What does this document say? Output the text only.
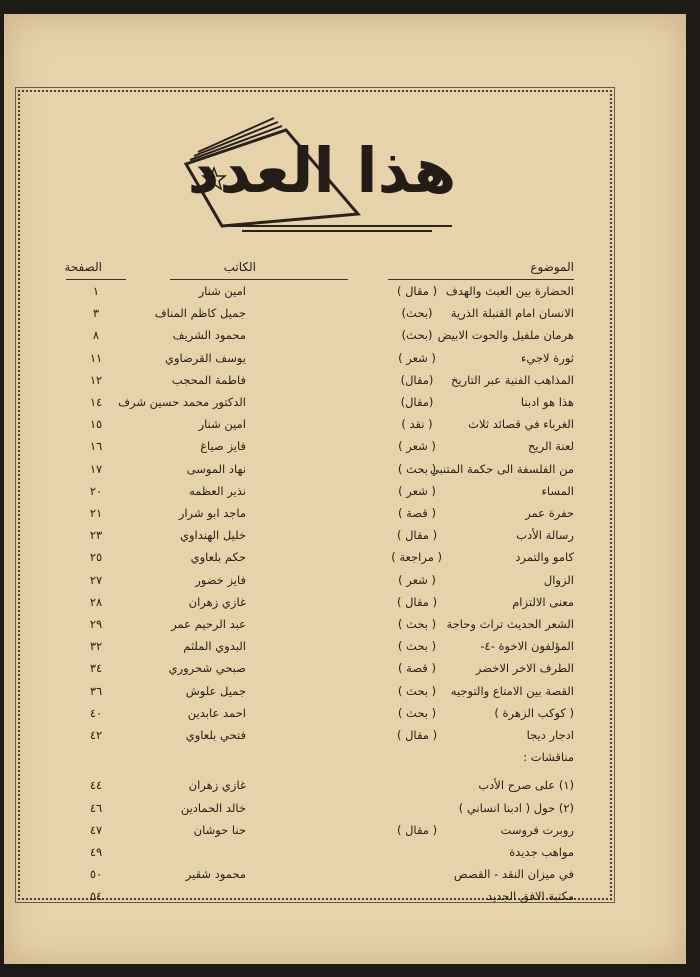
هذا العدد
الموضوع
الكاتب
الصفحة
الحضارة بين العبث والهدف
( مقال )
امين شنار
١
الانسان امام القنبلة الذرية
(بحث)
جميل كاظم المناف
٣
هرمان ملفيل والحوت الابيض
(بحث)
محمود الشريف
٨
ثورة لاجيء
( شعر )
يوسف القرضاوي
١١
المذاهب الفنية عبر التاريخ
(مقال)
فاطمة المحجب
١٢
هذا هو ادبنا
(مقال)
الدكتور محمد حسين شرف
١٤
الغرباء في قصائد ثلاث
( نقد )
امين شنار
١٥
لعنة الريح
( شعر )
فايز صياغ
١٦
من الفلسفة الى حكمة المتنبي
( بحث )
نهاد الموسى
١٧
المساء
( شعر )
نذير العظمه
٢٠
حفرة عمر
( قصة )
ماجد ابو شرار
٢١
رسالة الأدب
( مقال )
خليل الهنداوي
٢٣
كامو والتمرد
( مراجعة )
حكم بلعاوي
٢٥
الزوال
( شعر )
فايز خضور
٢٧
معنى الالتزام
( مقال )
غازي زهران
٢٨
الشعر الحديث تراث وحاجة
( بحث )
عبد الرحيم عمر
٢٩
المؤلفون الاخوة -٤-
( بحث )
البدوي الملثم
٣٢
الطرف الاخر الاخضر
( قصة )
صبحي شحروري
٣٤
القصة بين الامتاع والتوجيه
( بحث )
جميل علوش
٣٦
( كوكب الزهرة )
( بحث )
احمد عابدين
٤٠
ادجار ديجا
( مقال )
فتحي بلعاوي
٤٢
مناقشات :
(١) على صرح الأدب
غازي زهران
٤٤
(٢) حول ( ادبنا انساني )
خالد الحمادين
٤٦
روبرت فروست
( مقال )
حنا حوشان
٤٧
مواهب جديدة
٤٩
في ميزان النقد - القصص
محمود شقير
٥٠
مكتبة الافق الجديد
٥٤
